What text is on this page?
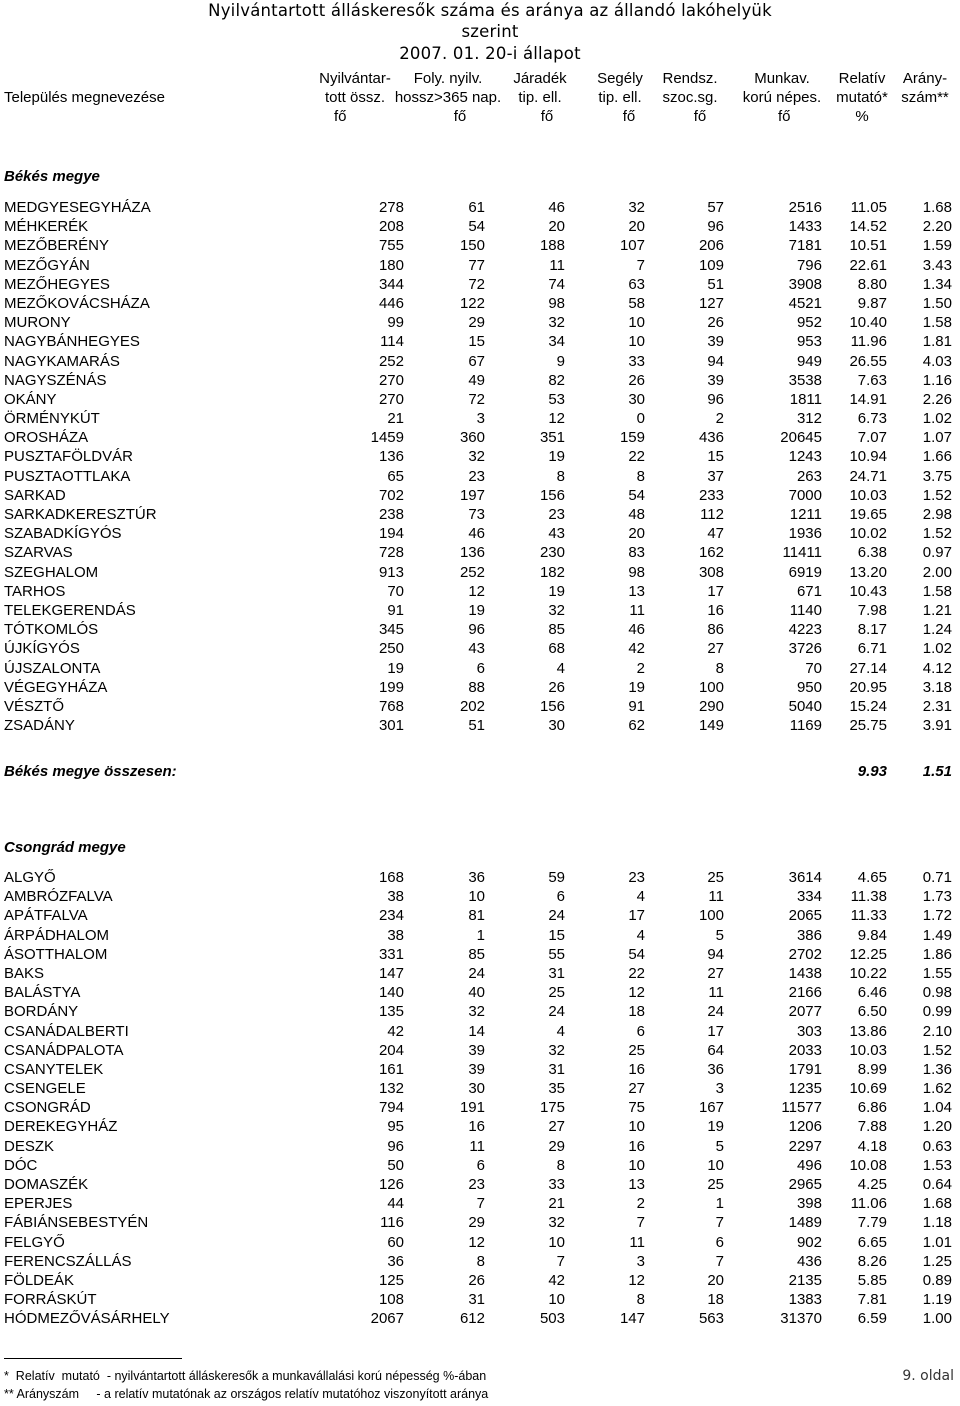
Nyilvántartott álláskeresők száma és aránya az állandó lakóhelyük szerint
2007. 01. 20-i állapot
Település megnevezése
Nyilvántar-
tott össz.
fő
Foly. nyilv.
hossz>365 nap.
fő
Járadék
tip. ell.
fő
Segély
tip. ell.
fő
Rendsz.
szoc.sg.
fő
Munkav.
korú népes.
fő
Relatív
mutató*
%
Arány-
szám**
Békés megye
MEDGYESEGYHÁZA	278	61	46	32	57	2516 11.05 1.68
MÉHKERÉK	208	54	20	20	96	1433 14.52 2.20
MEZŐBERÉNY	755	150	188	107	206	7181 10.51 1.59
MEZŐGYÁN	180	77	11	7	109	796 22.61 3.43
MEZŐHEGYES	344	72	74	63	51	3908 8.80 1.34
MEZŐKOVÁCSHÁZA	446	122	98	58	127	4521 9.87 1.50
MURONY	99	29	32	10	26	952 10.40 1.58
NAGYBÁNHEGYES	114	15	34	10	39	953 11.96 1.81
NAGYKAMARÁS	252	67	9	33	94	949 26.55 4.03
NAGYSZÉNÁS	270	49	82	26	39	3538 7.63 1.16
OKÁNY	270	72	53	30	96	1811 14.91 2.26
ÖRMÉNYKÚT	21	3	12	0	2	312 6.73 1.02
OROSHÁZA	1459	360	351	159	436	20645 7.07 1.07
PUSZTAFÖLDVÁR	136	32	19	22	15	1243 10.94 1.66
PUSZTAOTTLAKA	65	23	8	8	37	263 24.71 3.75
SARKAD	702	197	156	54	233	7000 10.03 1.52
SARKADKERESZTÚR	238	73	23	48	112	1211 19.65 2.98
SZABADKÍGYÓS	194	46	43	20	47	1936 10.02 1.52
SZARVAS	728	136	230	83	162	11411 6.38 0.97
SZEGHALOM	913	252	182	98	308	6919 13.20 2.00
TARHOS	70	12	19	13	17	671 10.43 1.58
TELEKGERENDÁS	91	19	32	11	16	1140 7.98 1.21
TÓTKOMLÓS	345	96	85	46	86	4223 8.17 1.24
ÚJKÍGYÓS	250	43	68	42	27	3726 6.71 1.02
ÚJSZALONTA	19	6	4	2	8	70 27.14 4.12
VÉGEGYHÁZA	199	88	26	19	100	950 20.95 3.18
VÉSZTŐ	768	202	156	91	290	5040 15.24 2.31
ZSADÁNY	301	51	30	62	149	1169 25.75 3.91
Békés megye összesen:	9.93 1.51
Csongrád megye
ALGYŐ	168	36	59	23	25	3614 4.65 0.71
AMBRÓZFALVA	38	10	6	4	11	334 11.38 1.73
APÁTFALVA	234	81	24	17	100	2065 11.33 1.72
ÁRPÁDHALOM	38	1	15	4	5	386 9.84 1.49
ÁSOTTHALOM	331	85	55	54	94	2702 12.25 1.86
BAKS	147	24	31	22	27	1438 10.22 1.55
BALÁSTYA	140	40	25	12	11	2166 6.46 0.98
BORDÁNY	135	32	24	18	24	2077 6.50 0.99
CSANÁDALBERTI	42	14	4	6	17	303 13.86 2.10
CSANÁDPALOTA	204	39	32	25	64	2033 10.03 1.52
CSANYTELEK	161	39	31	16	36	1791 8.99 1.36
CSENGELE	132	30	35	27	3	1235 10.69 1.62
CSONGRÁD	794	191	175	75	167	11577 6.86 1.04
DEREKEGYHÁZ	95	16	27	10	19	1206 7.88 1.20
DESZK	96	11	29	16	5	2297 4.18 0.63
DÓC	50	6	8	10	10	496 10.08 1.53
DOMASZÉK	126	23	33	13	25	2965 4.25 0.64
EPERJES	44	7	21	2	1	398 11.06 1.68
FÁBIÁNSEBESTYÉN	116	29	32	7	7	1489 7.79 1.18
FELGYŐ	60	12	10	11	6	902 6.65 1.01
FERENCSZÁLLÁS	36	8	7	3	7	436 8.26 1.25
FÖLDEÁK	125	26	42	12	20	2135 5.85 0.89
FORRÁSKÚT	108	31	10	8	18	1383 7.81 1.19
HÓDMEZŐVÁSÁRHELY	2067	612	503	147	563	31370 6.59 1.00
*  Relatív  mutató  - nyilvántartott álláskeresők a munkavállalási korú népesség %-ában
** Arányszám     - a relatív mutatónak az országos relatív mutatóhoz viszonyított aránya
9. oldal
